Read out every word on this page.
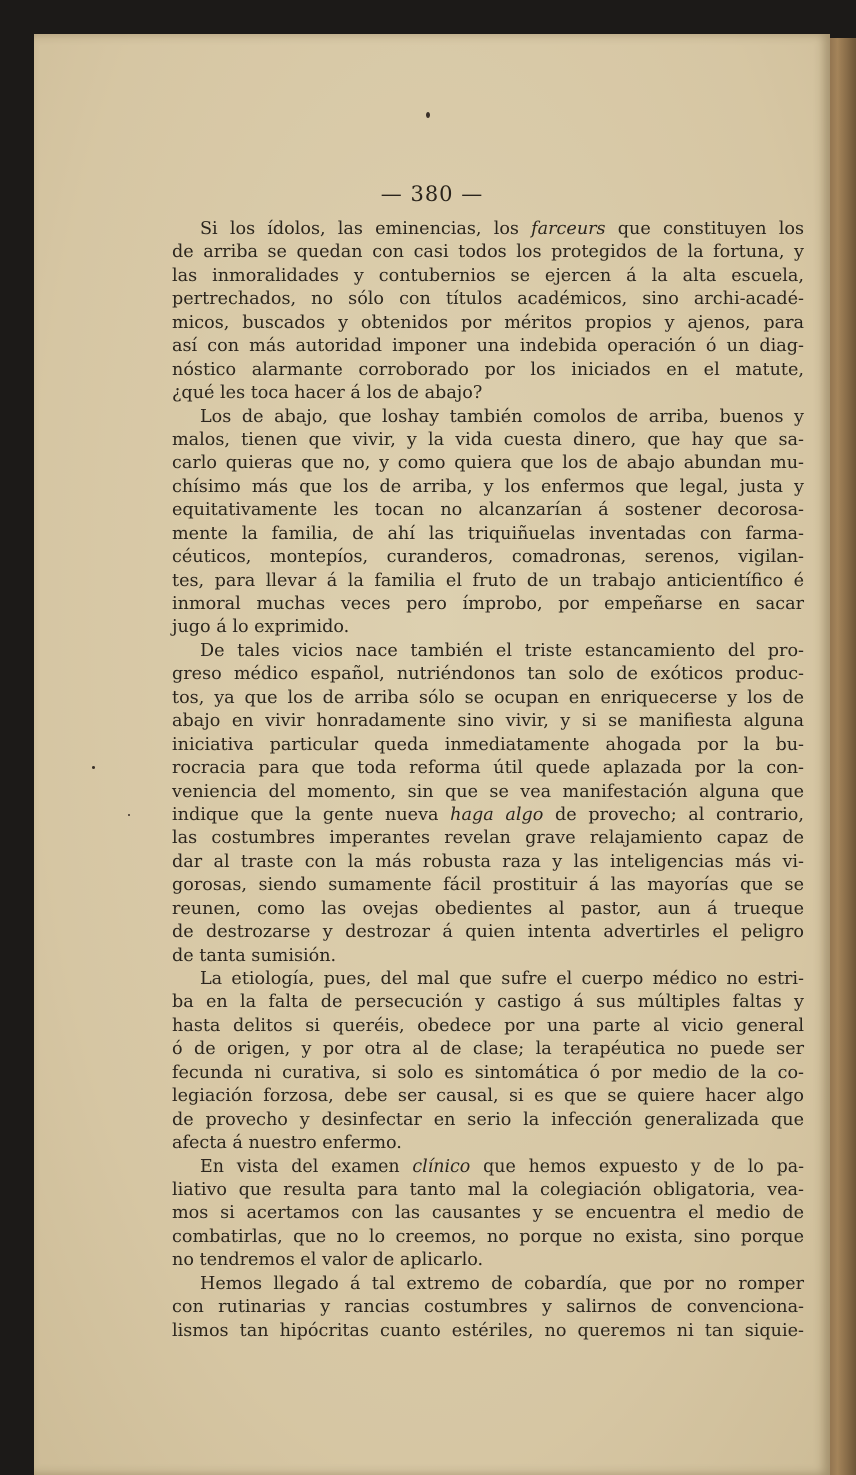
— 380 —
Si los ídolos, las eminencias, los farceurs que constituyen los
de arriba se quedan con casi todos los protegidos de la fortuna, y
las inmoralidades y contubernios se ejercen á la alta escuela,
pertrechados, no sólo con títulos académicos, sino archi-acadé-
micos, buscados y obtenidos por méritos propios y ajenos, para
así con más autoridad imponer una indebida operación ó un diag-
nóstico alarmante corroborado por los iniciados en el matute,
¿qué les toca hacer á los de abajo?
Los de abajo, que loshay también comolos de arriba, buenos y
malos, tienen que vivir, y la vida cuesta dinero, que hay que sa-
carlo quieras que no, y como quiera que los de abajo abundan mu-
chísimo más que los de arriba, y los enfermos que legal, justa y
equitativamente les tocan no alcanzarían á sostener decorosa-
mente la familia, de ahí las triquiñuelas inventadas con farma-
céuticos, montepíos, curanderos, comadronas, serenos, vigilan-
tes, para llevar á la familia el fruto de un trabajo anticientífico é
inmoral muchas veces pero ímprobo, por empeñarse en sacar
jugo á lo exprimido.
De tales vicios nace también el triste estancamiento del pro-
greso médico español, nutriéndonos tan solo de exóticos produc-
tos, ya que los de arriba sólo se ocupan en enriquecerse y los de
abajo en vivir honradamente sino vivir, y si se manifiesta alguna
iniciativa particular queda inmediatamente ahogada por la bu-
rocracia para que toda reforma útil quede aplazada por la con-
veniencia del momento, sin que se vea manifestación alguna que
indique que la gente nueva haga algo de provecho; al contrario,
las costumbres imperantes revelan grave relajamiento capaz de
dar al traste con la más robusta raza y las inteligencias más vi-
gorosas, siendo sumamente fácil prostituir á las mayorías que se
reunen, como las ovejas obedientes al pastor, aun á trueque
de destrozarse y destrozar á quien intenta advertirles el peligro
de tanta sumisión.
La etiología, pues, del mal que sufre el cuerpo médico no estri-
ba en la falta de persecución y castigo á sus múltiples faltas y
hasta delitos si queréis, obedece por una parte al vicio general
ó de origen, y por otra al de clase; la terapéutica no puede ser
fecunda ni curativa, si solo es sintomática ó por medio de la co-
legiación forzosa, debe ser causal, si es que se quiere hacer algo
de provecho y desinfectar en serio la infección generalizada que
afecta á nuestro enfermo.
En vista del examen clínico que hemos expuesto y de lo pa-
liativo que resulta para tanto mal la colegiación obligatoria, vea-
mos si acertamos con las causantes y se encuentra el medio de
combatirlas, que no lo creemos, no porque no exista, sino porque
no tendremos el valor de aplicarlo.
Hemos llegado á tal extremo de cobardía, que por no romper
con rutinarias y rancias costumbres y salirnos de convenciona-
lismos tan hipócritas cuanto estériles, no queremos ni tan siquie-
